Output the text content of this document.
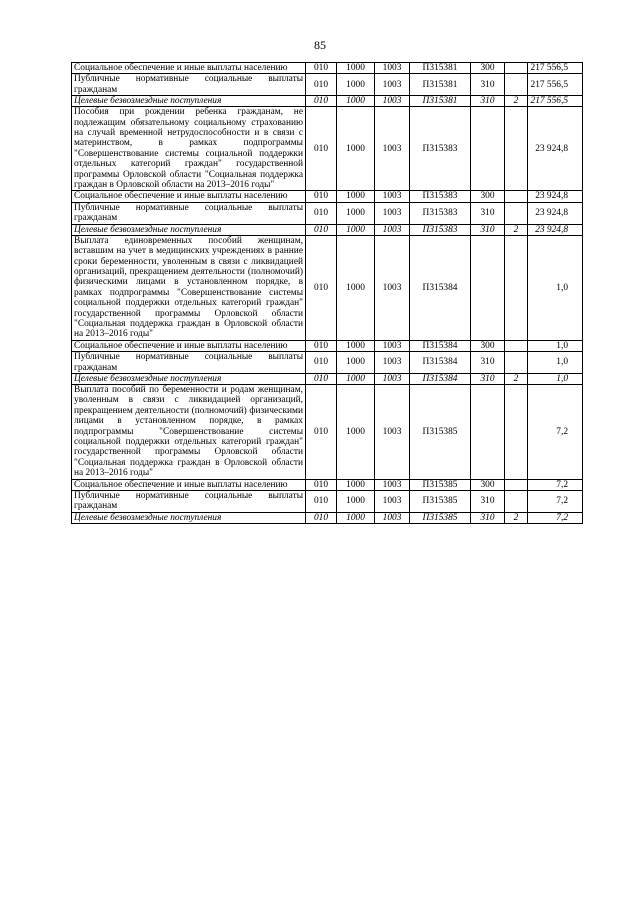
85
Социальное обеспечение и иные выплаты населению	010	1000	1003	П315381	300		217 556,5
Публичные нормативные социальные выплаты гражданам	010	1000	1003	П315381	310		217 556,5
Целевые безвозмездные поступления	010	1000	1003	П315381	310	2	217 556,5
Пособия при рождении ребенка гражданам, не подлежащим обязательному социальному страхованию на случай временной нетрудоспособности и в связи с материнством, в рамках подпрограммы "Совершенствование системы социальной поддержки отдельных категорий граждан" государственной программы Орловской области "Социальная поддержка граждан в Орловской области на 2013–2016 годы"	010	1000	1003	П315383			23 924,8
Социальное обеспечение и иные выплаты населению	010	1000	1003	П315383	300		23 924,8
Публичные нормативные социальные выплаты гражданам	010	1000	1003	П315383	310		23 924,8
Целевые безвозмездные поступления	010	1000	1003	П315383	310	2	23 924,8
Выплата единовременных пособий женщинам, вставшим на учет в медицинских учреждениях в ранние сроки беременности, уволенным в связи с ликвидацией организаций, прекращением деятельности (полномочий) физическими лицами в установленном порядке, в рамках подпрограммы "Совершенствование системы социальной поддержки отдельных категорий граждан" государственной программы Орловской области "Социальная поддержка граждан в Орловской области на 2013–2016 годы"	010	1000	1003	П315384			1,0
Социальное обеспечение и иные выплаты населению	010	1000	1003	П315384	300		1,0
Публичные нормативные социальные выплаты гражданам	010	1000	1003	П315384	310		1,0
Целевые безвозмездные поступления	010	1000	1003	П315384	310	2	1,0
Выплата пособий по беременности и родам женщинам, уволенным в связи с ликвидацией организаций, прекращением деятельности (полномочий) физическими лицами в установленном порядке, в рамках подпрограммы "Совершенствование системы социальной поддержки отдельных категорий граждан" государственной программы Орловской области "Социальная поддержка граждан в Орловской области на 2013–2016 годы"	010	1000	1003	П315385			7,2
Социальное обеспечение и иные выплаты населению	010	1000	1003	П315385	300		7,2
Публичные нормативные социальные выплаты гражданам	010	1000	1003	П315385	310		7,2
Целевые безвозмездные поступления	010	1000	1003	П315385	310	2	7,2
